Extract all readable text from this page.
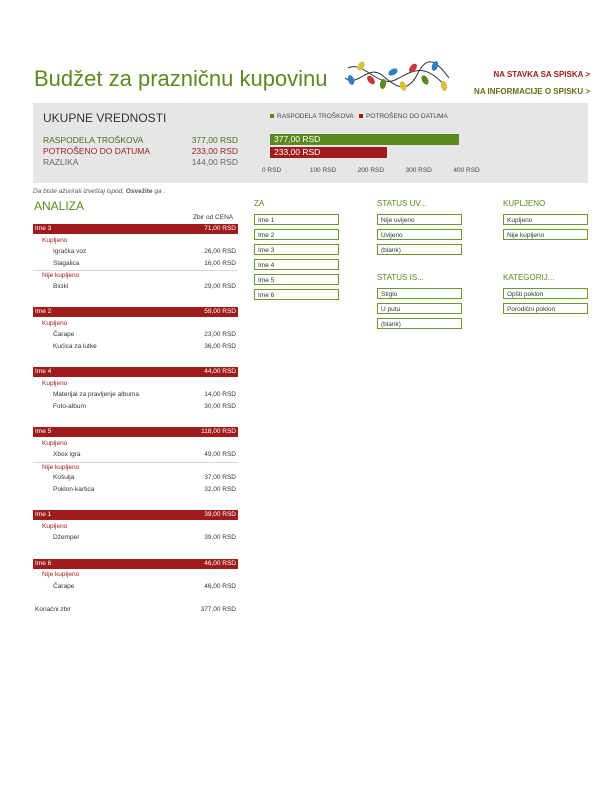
Budžet za prazničnu kupovinu	NA STAVKA SA SPISKA >
NA INFORMACIJE O SPISKU >
UKUPNE VREDNOSTI
RASPODELA TROŠKOVA	377,00 RSD
POTROŠENO DO DATUMA	233,00 RSD
RAZLIKA	144,00 RSD
RASPODELA TROŠKOVA	POTROŠENO DO DATUMA
377,00 RSD
233,00 RSD
0 RSD	100 RSD	200 RSD	300 RSD	400 RSD
Da biste ažurirali izveštaj ispod, Osvežite ga .
ANALIZA
Zbir od CENA
Ime 3	71,00 RSD
Kupljeno
Igračka voz	26,00 RSD
Slagalica	16,00 RSD
Nije kupljeno
Bicikl	29,00 RSD
Ime 2	59,00 RSD
Kupljeno
Čarape	23,00 RSD
Kućica za lutke	36,00 RSD
Ime 4	44,00 RSD
Kupljeno
Materijal za pravljenje albuma	14,00 RSD
Foto-album	30,00 RSD
Ime 5	118,00 RSD
Kupljeno
Xbox igra	49,00 RSD
Nije kupljeno
Košulja	37,00 RSD
Poklon-kartica	32,00 RSD
Ime 1	39,00 RSD
Kupljeno
Džemper	39,00 RSD
Ime 6	46,00 RSD
Nije kupljeno
Čarape	46,00 RSD
Konačni zbir	377,00 RSD
ZA
Ime 1
Ime 2
Ime 3
Ime 4
Ime 5
Ime 6
STATUS UV...
Nije uvijeno
Uvijeno
(blank)
KUPLJENO
Kupljeno
Nije kupljeno
STATUS IS...
Stiglo
U putu
(blank)
KATEGORIJ...
Opšti poklon
Porodični poklon
